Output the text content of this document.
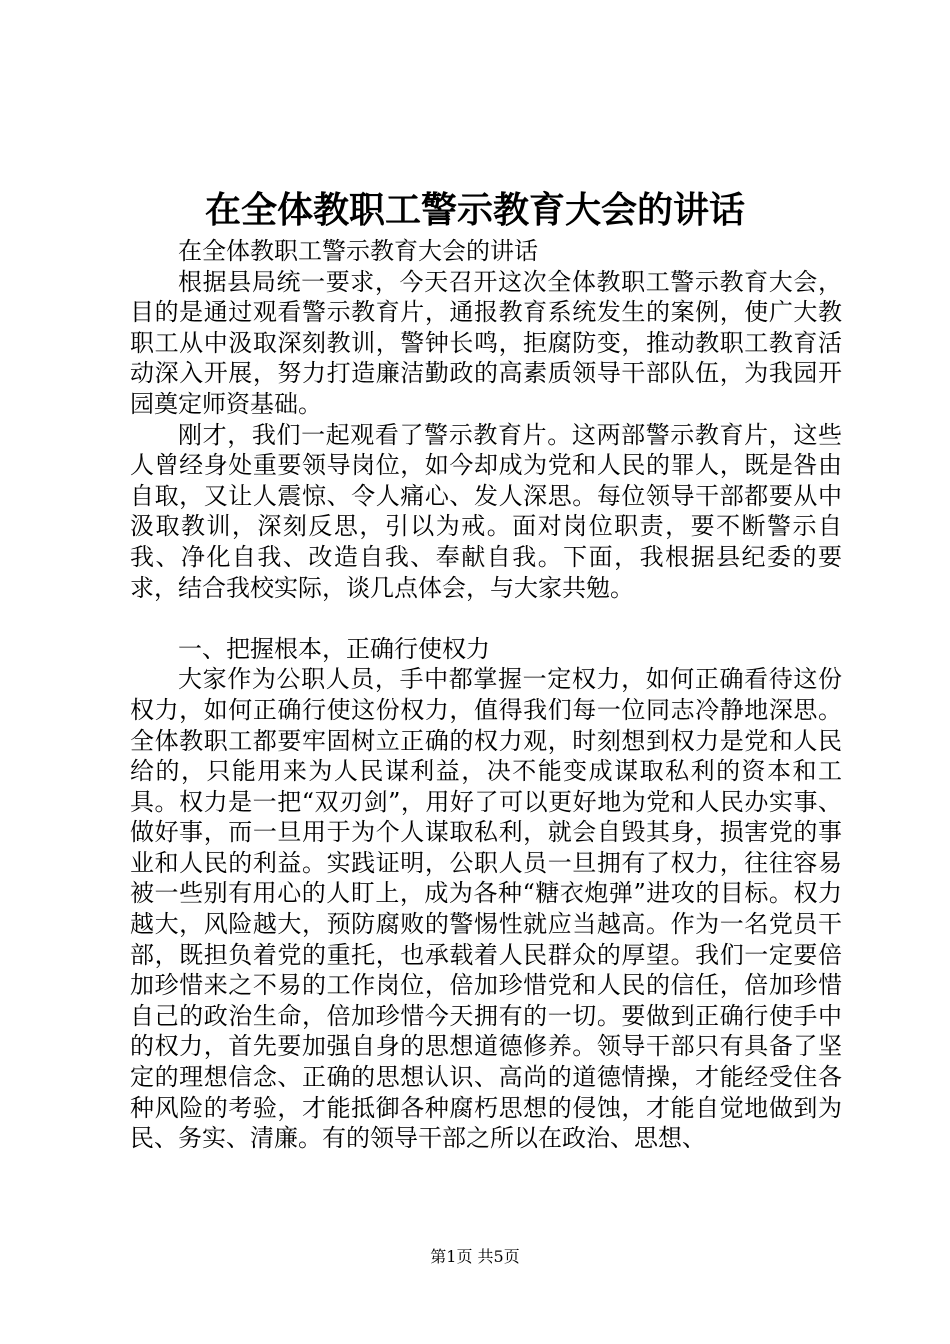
在全体教职工警示教育大会的讲话

在全体教职工警示教育大会的讲话

根据县局统一要求，今天召开这次全体教职工警示教育大会，目的是通过观看警示教育片，通报教育系统发生的案例，使广大教职工从中汲取深刻教训，警钟长鸣，拒腐防变，推动教职工教育活动深入开展，努力打造廉洁勤政的高素质领导干部队伍，为我园开园奠定师资基础。

刚才，我们一起观看了警示教育片。这两部警示教育片，这些人曾经身处重要领导岗位，如今却成为党和人民的罪人，既是咎由自取，又让人震惊、令人痛心、发人深思。每位领导干部都要从中汲取教训，深刻反思，引以为戒。面对岗位职责，要不断警示自我、净化自我、改造自我、奉献自我。下面，我根据县纪委的要求，结合我校实际，谈几点体会，与大家共勉。

一、把握根本，正确行使权力

大家作为公职人员，手中都掌握一定权力，如何正确看待这份权力，如何正确行使这份权力，值得我们每一位同志冷静地深思。全体教职工都要牢固树立正确的权力观，时刻想到权力是党和人民给的，只能用来为人民谋利益，决不能变成谋取私利的资本和工具。权力是一把“双刃剑”，用好了可以更好地为党和人民办实事、做好事，而一旦用于为个人谋取私利，就会自毁其身，损害党的事业和人民的利益。实践证明，公职人员一旦拥有了权力，往往容易被一些别有用心的人盯上，成为各种“糖衣炮弹”进攻的目标。权力越大，风险越大，预防腐败的警惕性就应当越高。作为一名党员干部，既担负着党的重托，也承载着人民群众的厚望。我们一定要倍加珍惜来之不易的工作岗位，倍加珍惜党和人民的信任，倍加珍惜自己的政治生命，倍加珍惜今天拥有的一切。要做到正确行使手中的权力，首先要加强自身的思想道德修养。领导干部只有具备了坚定的理想信念、正确的思想认识、高尚的道德情操，才能经受住各种风险的考验，才能抵御各种腐朽思想的侵蚀，才能自觉地做到为民、务实、清廉。有的领导干部之所以在政治、思想、

第1页 共5页
